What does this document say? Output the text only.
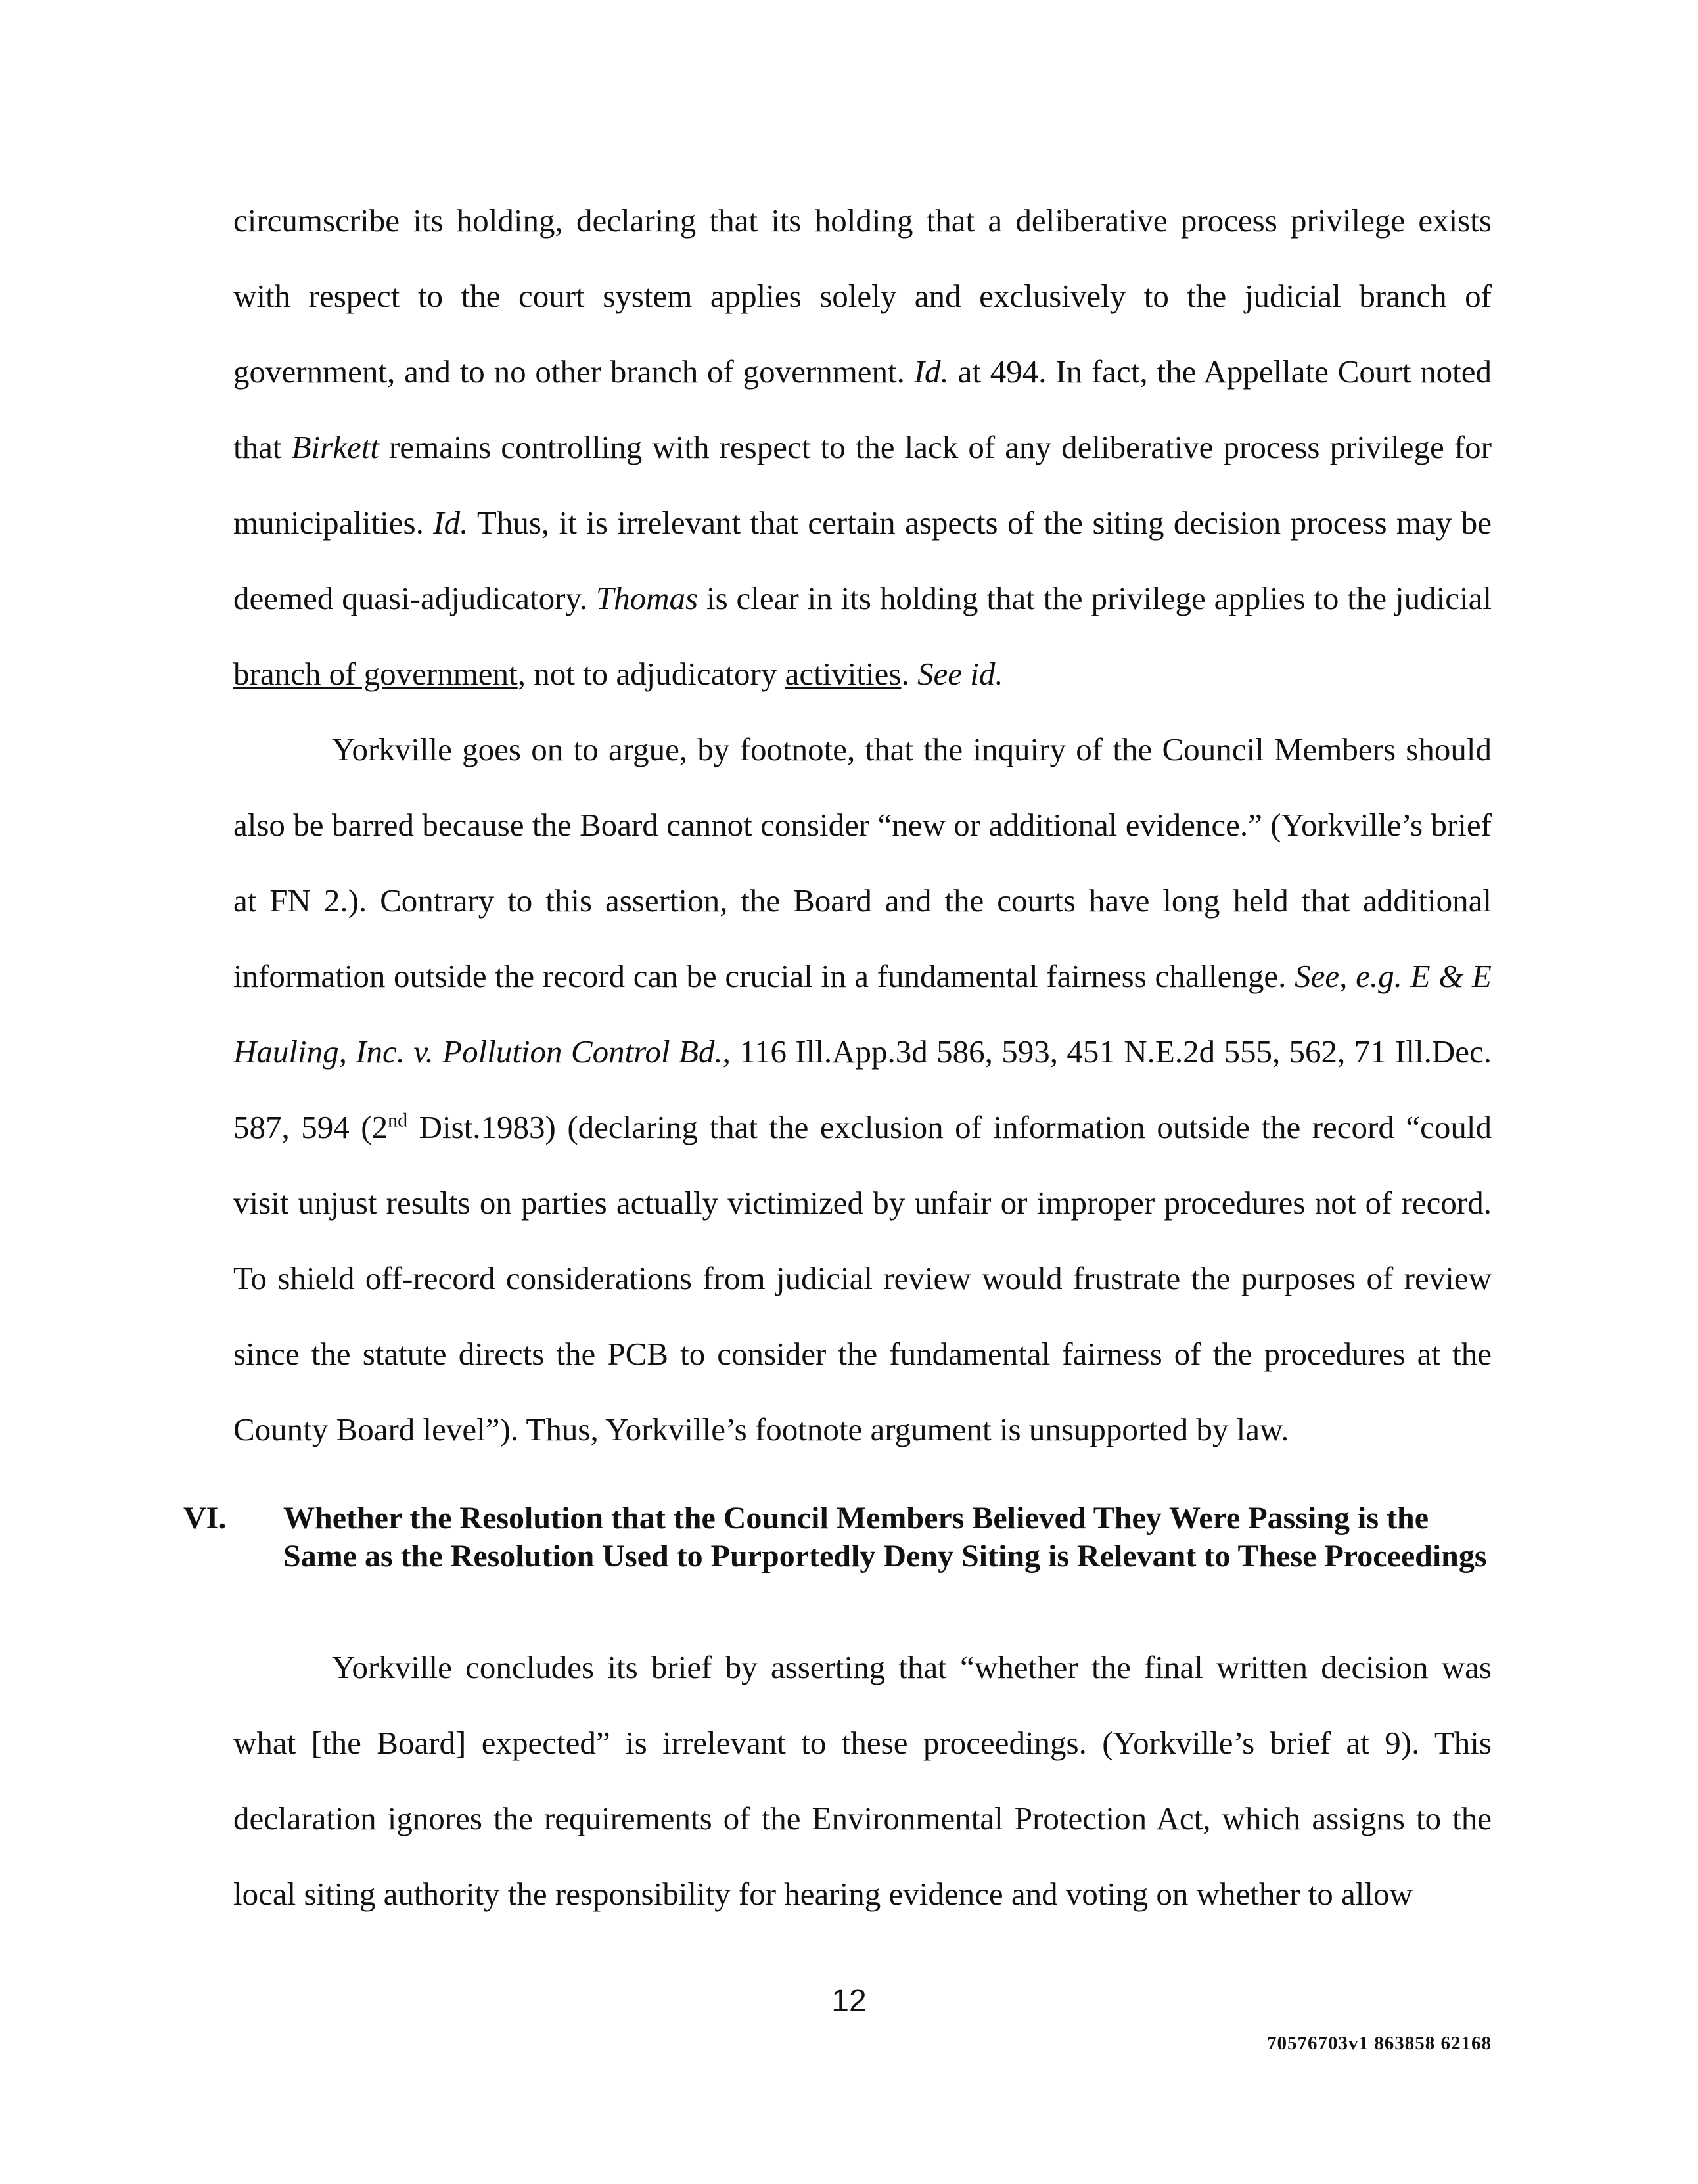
circumscribe its holding, declaring that its holding that a deliberative process privilege exists with respect to the court system applies solely and exclusively to the judicial branch of government, and to no other branch of government. Id. at 494. In fact, the Appellate Court noted that Birkett remains controlling with respect to the lack of any deliberative process privilege for municipalities. Id. Thus, it is irrelevant that certain aspects of the siting decision process may be deemed quasi-adjudicatory. Thomas is clear in its holding that the privilege applies to the judicial branch of government, not to adjudicatory activities. See id.

Yorkville goes on to argue, by footnote, that the inquiry of the Council Members should also be barred because the Board cannot consider “new or additional evidence.” (Yorkville’s brief at FN 2.). Contrary to this assertion, the Board and the courts have long held that additional information outside the record can be crucial in a fundamental fairness challenge. See, e.g. E & E Hauling, Inc. v. Pollution Control Bd., 116 Ill.App.3d 586, 593, 451 N.E.2d 555, 562, 71 Ill.Dec. 587, 594 (2nd Dist.1983) (declaring that the exclusion of information outside the record “could visit unjust results on parties actually victimized by unfair or improper procedures not of record. To shield off-record considerations from judicial review would frustrate the purposes of review since the statute directs the PCB to consider the fundamental fairness of the procedures at the County Board level”). Thus, Yorkville’s footnote argument is unsupported by law.

VI. Whether the Resolution that the Council Members Believed They Were Passing is the Same as the Resolution Used to Purportedly Deny Siting is Relevant to These Proceedings

Yorkville concludes its brief by asserting that “whether the final written decision was what [the Board] expected” is irrelevant to these proceedings. (Yorkville’s brief at 9). This declaration ignores the requirements of the Environmental Protection Act, which assigns to the local siting authority the responsibility for hearing evidence and voting on whether to allow

12
70576703v1 863858 62168
